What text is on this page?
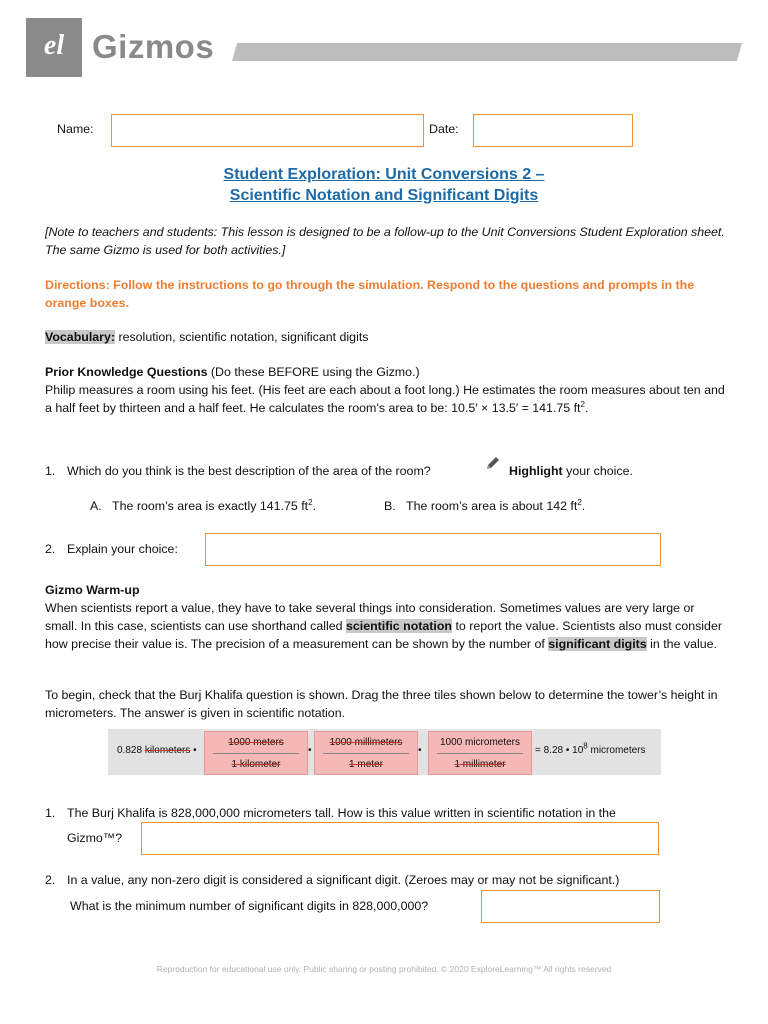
el Gizmos
Name:	Date:
Student Exploration: Unit Conversions 2 –
Scientific Notation and Significant Digits
[Note to teachers and students: This lesson is designed to be a follow-up to the Unit Conversions Student Exploration sheet. The same Gizmo is used for both activities.]
Directions: Follow the instructions to go through the simulation. Respond to the questions and prompts in the orange boxes.
Vocabulary: resolution, scientific notation, significant digits
Prior Knowledge Questions (Do these BEFORE using the Gizmo.)
Philip measures a room using his feet. (His feet are each about a foot long.) He estimates the room measures about ten and a half feet by thirteen and a half feet. He calculates the room’s area to be: 10.5′ × 13.5′ = 141.75 $ft^2$.
1. Which do you think is the best description of the area of the room?	Highlight your choice.
A. The room’s area is exactly 141.75 $ft^2$.	B. The room’s area is about 142 $ft^2$.
2. Explain your choice:
Gizmo Warm-up
When scientists report a value, they have to take several things into consideration. Sometimes values are very large or small. In this case, scientists can use shorthand called scientific notation to report the value. Scientists also must consider how precise their value is. The precision of a measurement can be shown by the number of significant digits in the value.
To begin, check that the Burj Khalifa question is shown. Drag the three tiles shown below to determine the tower’s height in micrometers. The answer is given in scientific notation.
0.828 kilometers •
1000 meters
1 kilometer
•
1000 millimeters
1 meter
•
1000 micrometers
1 millimeter
= 8.28 • $10^8$ micrometers
1. The Burj Khalifa is 828,000,000 micrometers tall. How is this value written in scientific notation in the
Gizmo™?
2. In a value, any non-zero digit is considered a significant digit. (Zeroes may or may not be significant.)
What is the minimum number of significant digits in 828,000,000?
Reproduction for educational use only. Public sharing or posting prohibited. © 2020 ExploreLearning™ All rights reserved
